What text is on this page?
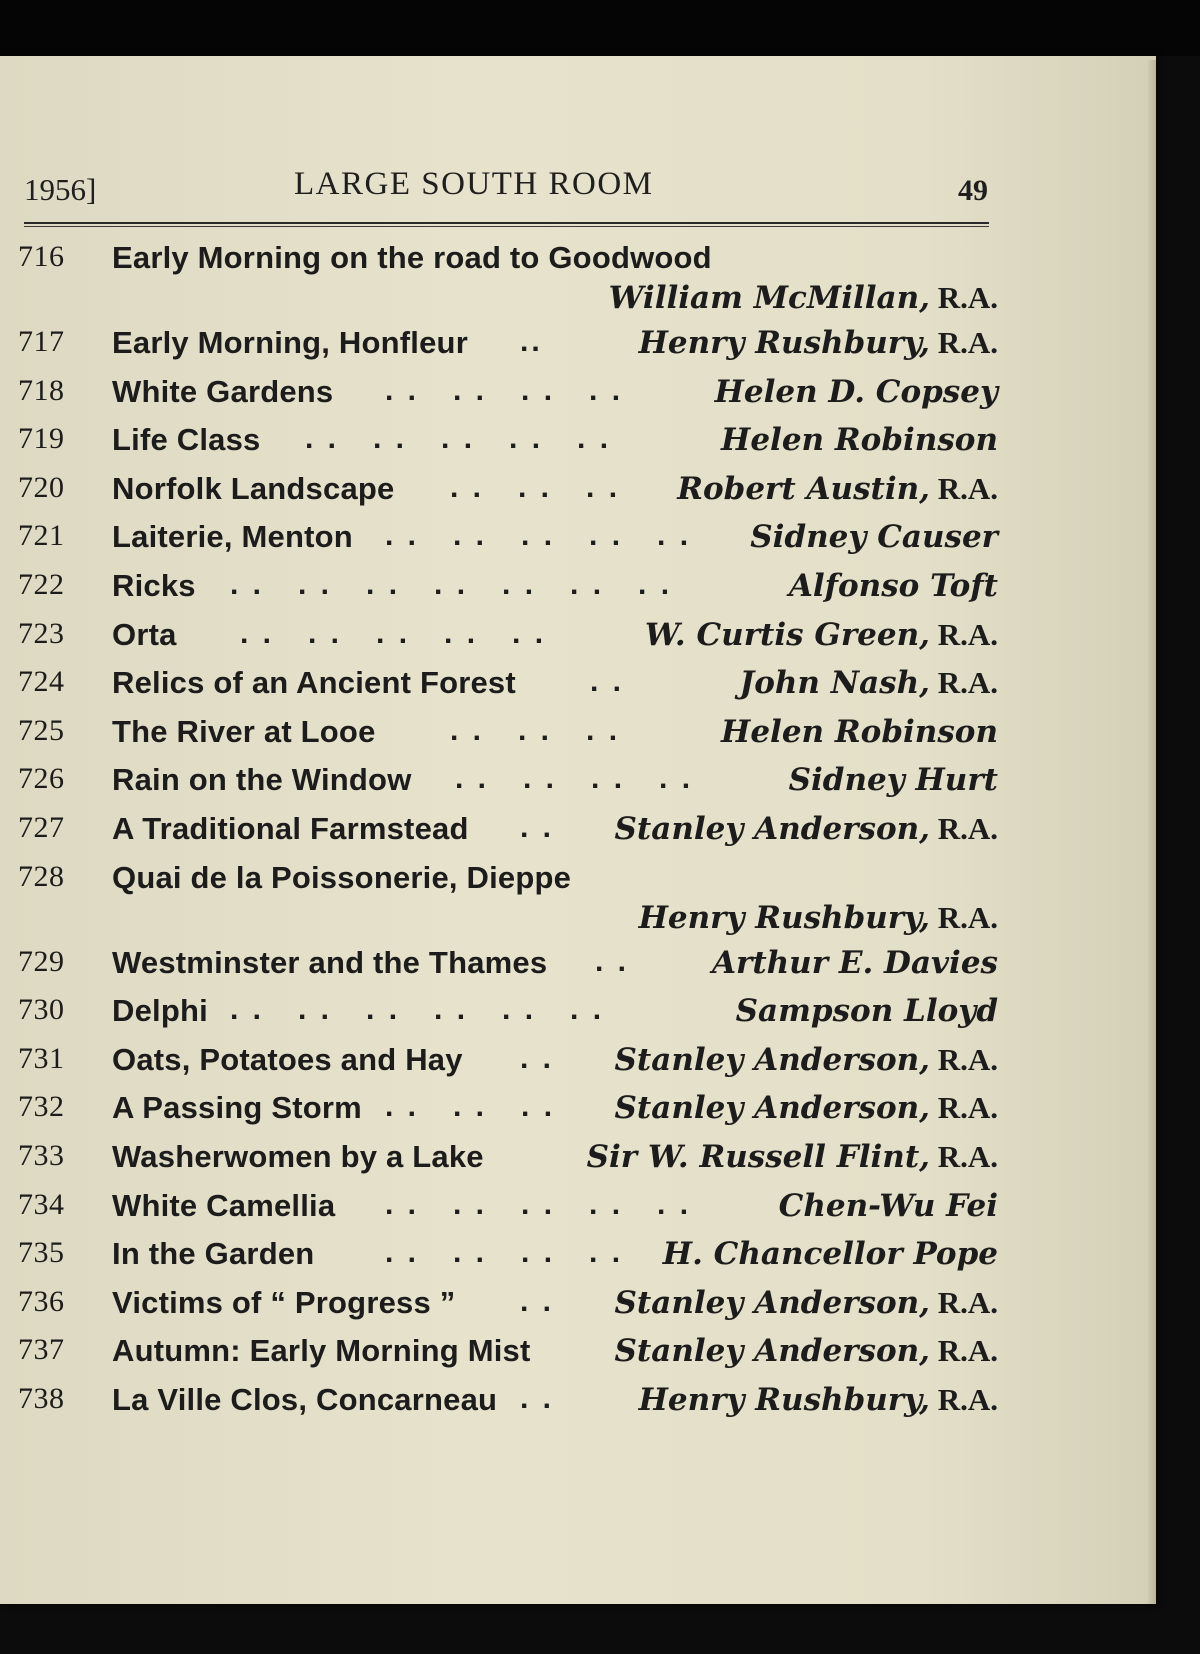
1956]	LARGE SOUTH ROOM	49
716 Early Morning on the road to Goodwood
William McMillan, R.A.
717 Early Morning, Honfleur ..	Henry Rushbury, R.A.
718 White Gardens . .   . .   . .   . .	Helen D. Copsey
719 Life Class . .   . .   . .   . .   . .	Helen Robinson
720 Norfolk Landscape . .   . .   . . Robert Austin, R.A.
721 Laiterie, Menton . .   . .   . .   . .   . . Sidney Causer
722 Ricks . .   . .   . .   . .   . .   . .   . .	Alfonso Toft
723 Orta . .   . .   . .   . .   . .	W. Curtis Green, R.A.
724 Relics of an Ancient Forest . .	John Nash, R.A.
725 The River at Looe . .   . .   . .	Helen Robinson
726 Rain on the Window . .   . .   . .   . .	Sidney Hurt
727 A Traditional Farmstead . . Stanley Anderson, R.A.
728 Quai de la Poissonerie, Dieppe
Henry Rushbury, R.A.
729 Westminster and the Thames . .	Arthur E. Davies
730 Delphi . .   . .   . .   . .   . .   . .	Sampson Lloyd
731 Oats, Potatoes and Hay . . Stanley Anderson, R.A.
732 A Passing Storm . .   . .   . . Stanley Anderson, R.A.
733 Washerwomen by a Lake	Sir W. Russell Flint, R.A.
734 White Camellia . .   . .   . .   . .   . .	Chen-Wu Fei
735 In the Garden . .   . .   . .   . . H. Chancellor Pope
736 Victims of “ Progress ” . . Stanley Anderson, R.A.
737 Autumn: Early Morning Mist	Stanley Anderson, R.A.
738 La Ville Clos, Concarneau . .	Henry Rushbury, R.A.
